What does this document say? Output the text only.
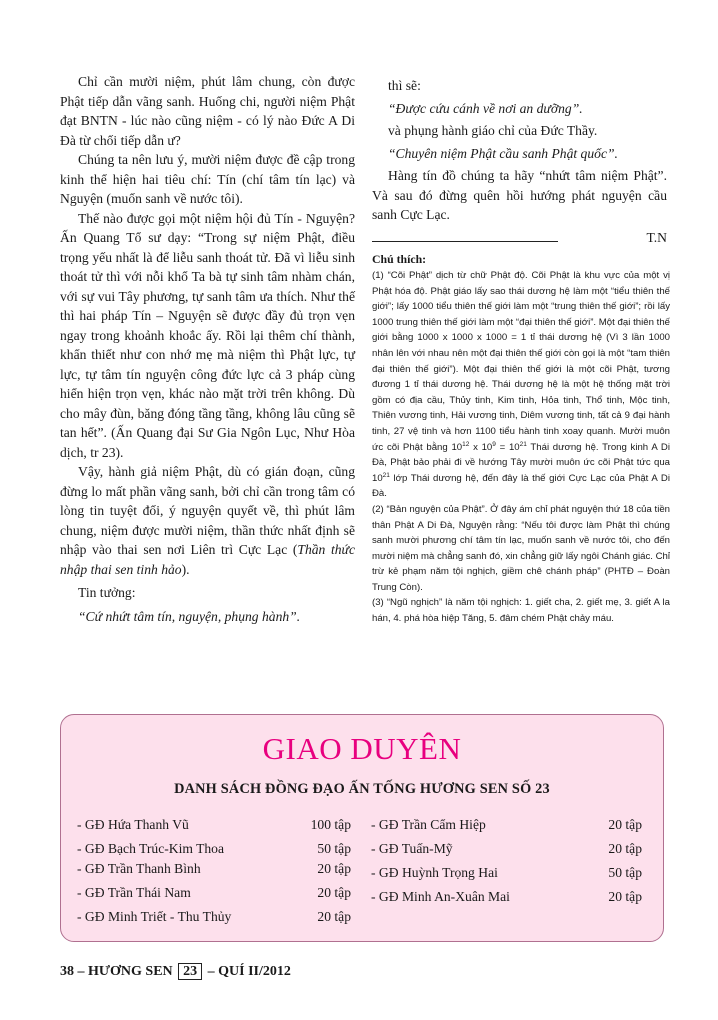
Chỉ cần mười niệm, phút lâm chung, còn được Phật tiếp dẫn vãng sanh. Huống chi, người niệm Phật đạt BNTN - lúc nào cũng niệm - có lý nào Đức A Di Đà từ chối tiếp dẫn ư?

Chúng ta nên lưu ý, mười niệm được đề cập trong kinh thể hiện hai tiêu chí: Tín (chí tâm tín lạc) và Nguyện (muốn sanh về nước tôi).

Thế nào được gọi một niệm hội đủ Tín - Nguyện? Ấn Quang Tổ sư dạy: “Trong sự niệm Phật, điều trọng yếu nhất là để liễu sanh thoát tử. Đã vì liễu sinh thoát tử thì với nỗi khổ Ta bà tự sinh tâm nhàm chán, với sự vui Tây phương, tự sanh tâm ưa thích. Như thế thì hai pháp Tín – Nguyện sẽ được đầy đủ trọn vẹn ngay trong khoảnh khoắc ấy. Rồi lại thêm chí thành, khẩn thiết như con nhớ mẹ mà niệm thì Phật lực, tự lực, tự tâm tín nguyện công đức lực cả 3 pháp cùng hiển hiện trọn vẹn, khác nào mặt trời trên không. Dù cho mây đùn, băng đóng tầng tầng, không lâu cũng sẽ tan hết”. (Ấn Quang đại Sư Gia Ngôn Lục, Như Hòa dịch, tr 23).

Vậy, hành giả niệm Phật, dù có gián đoạn, cũng đừng lo mất phần vãng sanh, bởi chỉ cần trong tâm có lòng tin tuyệt đối, ý nguyện quyết về, thì phút lâm chung, niệm được mười niệm, thần thức nhất định sẽ nhập vào thai sen nơi Liên trì Cực Lạc (Thần thức nhập thai sen tinh hảo).

Tin tưởng:

“Cứ nhứt tâm tín, nguyện, phụng hành”.

thì sẽ:

“Được cứu cánh về nơi an dưỡng”.

và phụng hành giáo chỉ của Đức Thầy.

“Chuyên niệm Phật cầu sanh Phật quốc”.

Hàng tín đồ chúng ta hãy “nhứt tâm niệm Phật”. Và sau đó đừng quên hồi hướng phát nguyện cầu sanh Cực Lạc.

T.N

Chú thích:

(1) “Cõi Phật” dịch từ chữ Phật độ. Cõi Phật là khu vực của một vị Phật hóa độ. Phật giáo lấy sao thái dương hệ làm một “tiểu thiên thế giới”; lấy 1000 tiểu thiên thế giới làm một “trung thiên thế giới”; rồi lấy 1000 trung thiên thế giới làm một “đại thiên thế giới”. Một đại thiên thế giới bằng 1000 x 1000 x 1000 = 1 tỉ thái dương hệ (Vì 3 lần 1000 nhân lên với nhau nên một đại thiên thế giới còn gọi là một “tam thiên đại thiên thế giới”). Một đại thiên thế giới là một cõi Phật, tương đương 1 tỉ thái dương hệ. Thái dương hệ là một hệ thống mặt trời gồm có địa cầu, Thủy tinh, Kim tinh, Hỏa tinh, Thổ tinh, Mộc tinh, Thiên vương tinh, Hải vương tinh, Diêm vương tinh, tất cả 9 đại hành tinh, 27 vệ tinh và hơn 1100 tiểu hành tinh xoay quanh. Mười muôn ức cõi Phật bằng $10^{12}$ x $10^9 = 10^{21}$ Thái dương hệ. Trong kinh A Di Đà, Phật bảo phải đi về hướng Tây mười muôn ức cõi Phật tức qua $10^{21}$ lớp Thái dương hệ, đến đây là thế giới Cực Lạc của Phật A Di Đà.

(2) “Bản nguyện của Phật”. Ở đây ám chỉ phát nguyện thứ 18 của tiền thân Phật A Di Đà, Nguyện rằng: “Nếu tôi được làm Phật thì chúng sanh mười phương chí tâm tín lạc, muốn sanh về nước tôi, cho đến mười niệm mà chẳng sanh đó, xin chẳng giữ lấy ngôi Chánh giác. Chỉ trừ kẻ phạm năm tội nghịch, giềm chê chánh pháp” (PHTĐ – Đoàn Trung Còn).

(3) “Ngũ nghịch” là năm tội nghịch: 1. giết cha, 2. giết mẹ, 3. giết A la hán, 4. phá hòa hiệp Tăng, 5. đâm chém Phật chảy máu.

GIAO DUYÊN
DANH SÁCH ĐỒNG ĐẠO ẤN TỐNG HƯƠNG SEN SỐ 23
- GĐ Hứa Thanh Vũ	100 tập
- GĐ Bạch Trúc-Kim Thoa	50 tập
- GĐ Trần Thanh Bình	20 tập
- GĐ Trần Thái Nam	20 tập
- GĐ Minh Triết - Thu Thủy	20 tập
- GĐ Trần Cẩm Hiệp	20 tập
- GĐ Tuấn-Mỹ	20 tập
- GĐ Huỳnh Trọng Hai	50 tập
- GĐ Minh An-Xuân Mai	20 tập
38 – HƯƠNG SEN 23 – QUÍ II/2012
